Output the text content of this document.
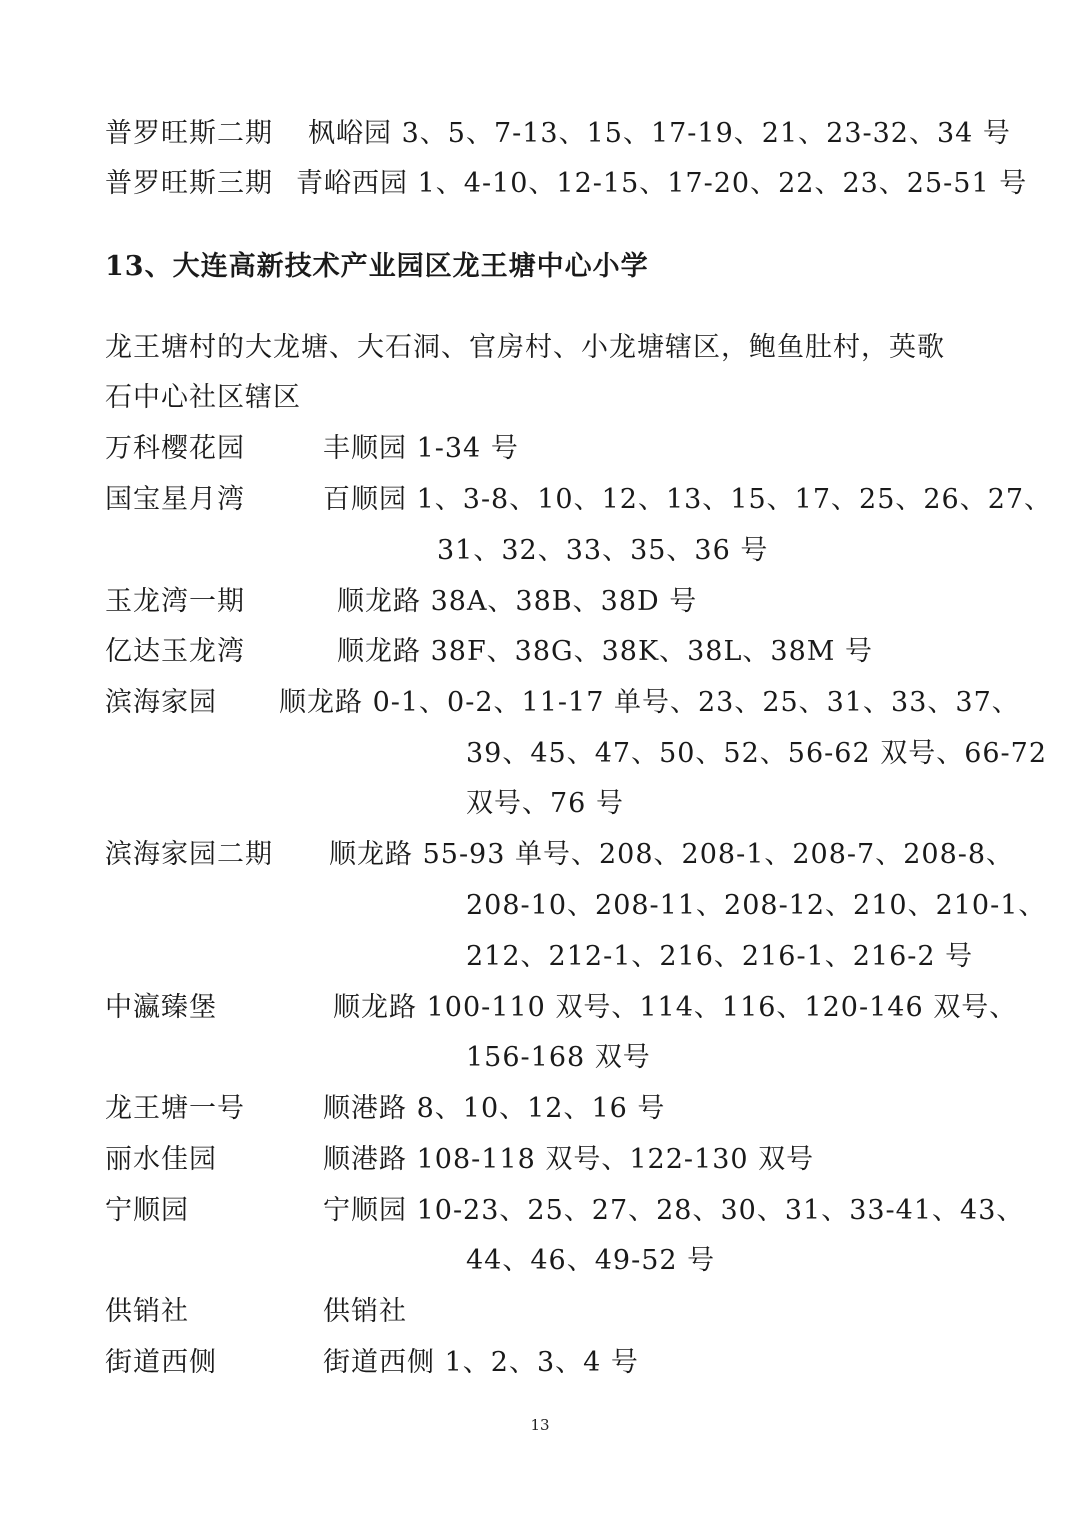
普罗旺斯二期 枫峪园 3、5、7-13、15、17-19、21、23-32、34 号
普罗旺斯三期 青峪西园 1、4-10、12-15、17-20、22、23、25-51 号
13、大连高新技术产业园区龙王塘中心小学
龙王塘村的大龙塘、大石洞、官房村、小龙塘辖区，鲍鱼肚村，英歌
石中心社区辖区
万科樱花园	丰顺园 1-34 号
国宝星月湾	百顺园 1、3-8、10、12、13、15、17、25、26、27、
31、32、33、35、36 号
玉龙湾一期	顺龙路 38A、38B、38D 号
亿达玉龙湾	顺龙路 38F、38G、38K、38L、38M 号
滨海家园 顺龙路 0-1、0-2、11-17 单号、23、25、31、33、37、
39、45、47、50、52、56-62 双号、66-72
双号、76 号
滨海家园二期 顺龙路 55-93 单号、208、208-1、208-7、208-8、
208-10、208-11、208-12、210、210-1、
212、212-1、216、216-1、216-2 号
中瀛臻堡	顺龙路 100-110 双号、114、116、120-146 双号、
156-168 双号
龙王塘一号	顺港路 8、10、12、16 号
丽水佳园	顺港路 108-118 双号、122-130 双号
宁顺园	宁顺园 10-23、25、27、28、30、31、33-41、43、
44、46、49-52 号
供销社	供销社
街道西侧	街道西侧 1、2、3、4 号
13
